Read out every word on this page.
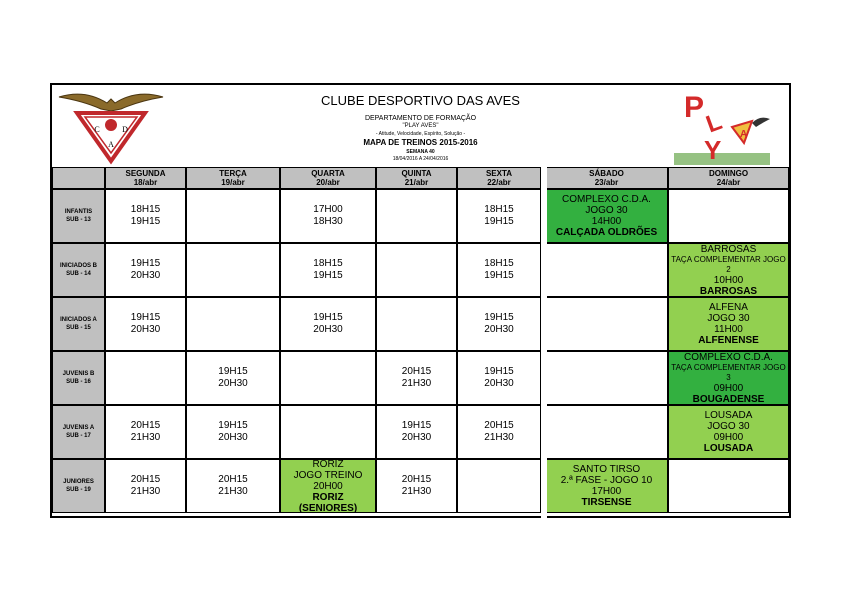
C	D
A
CLUBE DESPORTIVO DAS AVES
DEPARTAMENTO DE FORMAÇÃO
"PLAY AVES"
- Atitude, Velocidade, Espírito, Solução -
MAPA DE TREINOS 2015-2016
SEMANA 40
18/04/2016 A 24/04/2016
P
L
Y
A
SEGUNDA
18/abr
TERÇA
19/abr
QUARTA
20/abr
QUINTA
21/abr
SEXTA
22/abr
SÁBADO
23/abr
DOMINGO
24/abr
INFANTIS
SUB - 13
18H15
19H15
17H00
18H30
18H15
19H15
COMPLEXO C.D.A.
JOGO 30
14H00
CALÇADA OLDRÕES
INICIADOS B
SUB - 14
19H15
20H30
18H15
19H15
18H15
19H15
BARROSAS
TAÇA COMPLEMENTAR JOGO 2
10H00
BARROSAS
INICIADOS A
SUB - 15
19H15
20H30
19H15
20H30
19H15
20H30
ALFENA
JOGO 30
11H00
ALFENENSE
JUVENIS B
SUB - 16
19H15
20H30
20H15
21H30
19H15
20H30
COMPLEXO C.D.A.
TAÇA COMPLEMENTAR JOGO 3
09H00
BOUGADENSE
JUVENIS A
SUB - 17
20H15
21H30
19H15
20H30
19H15
20H30
20H15
21H30
LOUSADA
JOGO 30
09H00
LOUSADA
JUNIORES
SUB - 19
20H15
21H30
20H15
21H30
RORIZ
JOGO TREINO
20H00
RORIZ
(SENIORES)
20H15
21H30
SANTO TIRSO
2.ª FASE - JOGO 10
17H00
TIRSENSE
